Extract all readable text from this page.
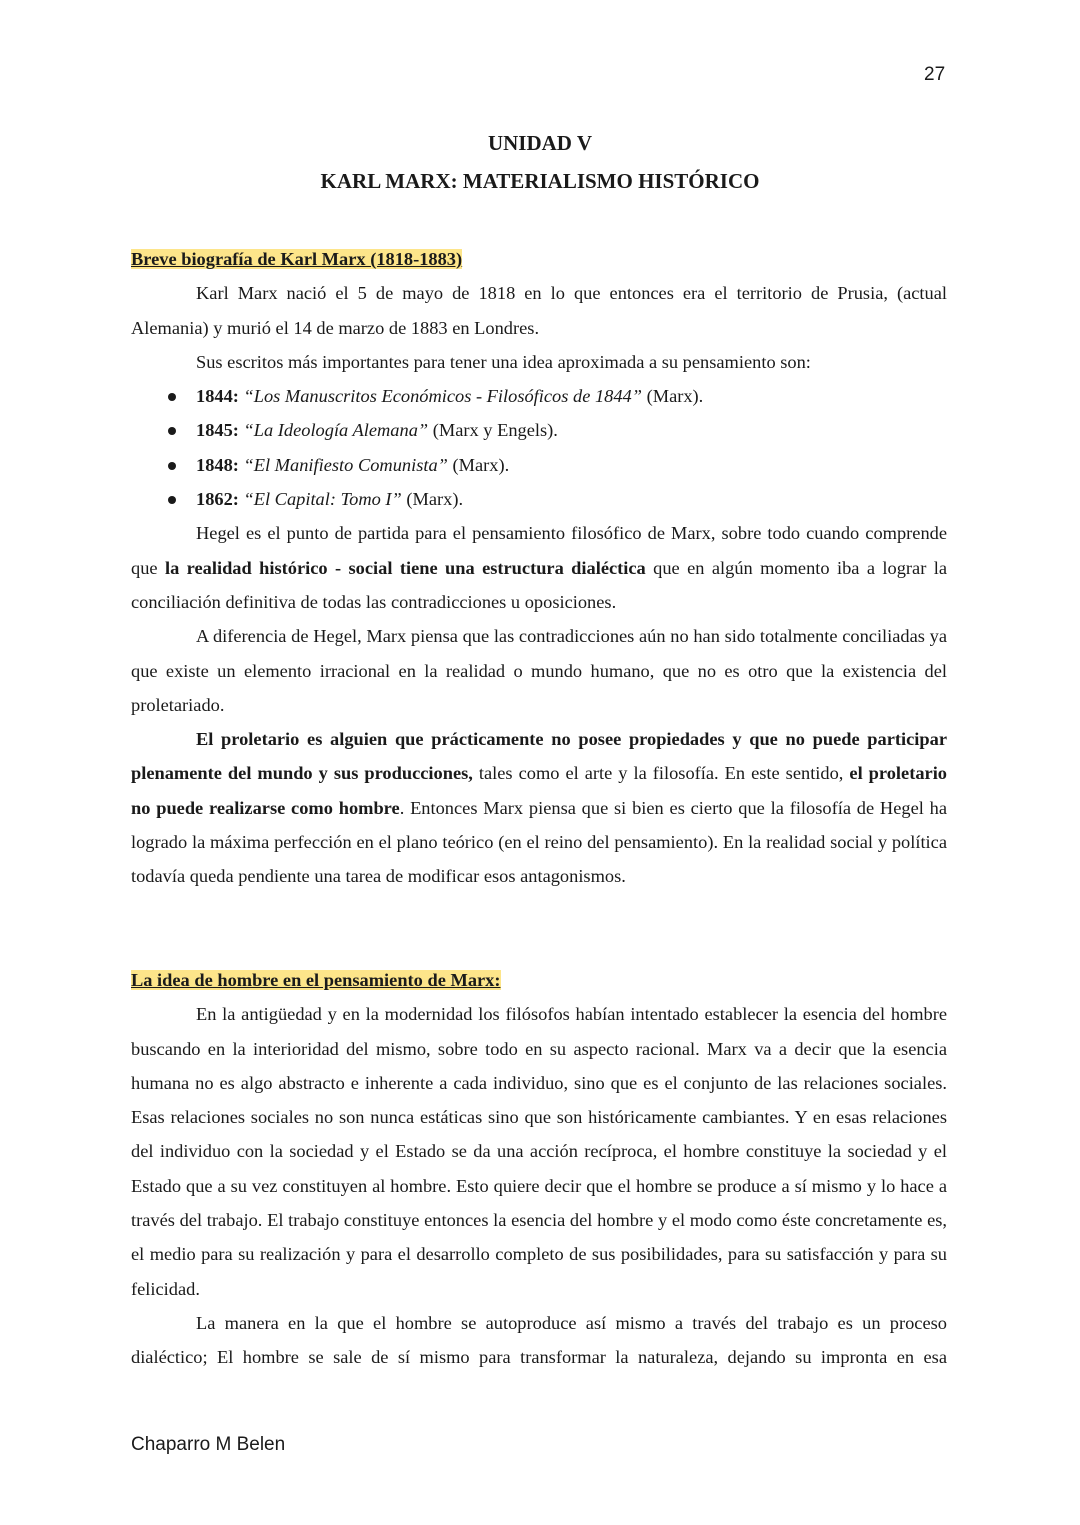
27
UNIDAD V
KARL MARX: MATERIALISMO HISTÓRICO

Breve biografía de Karl Marx (1818-1883)

Karl Marx nació el 5 de mayo de 1818 en lo que entonces era el territorio de Prusia, (actual Alemania) y murió el 14 de marzo de 1883 en Londres.

Sus escritos más importantes para tener una idea aproximada a su pensamiento son:

1844: “Los Manuscritos Económicos - Filosóficos de 1844” (Marx).
1845: “La Ideología Alemana” (Marx y Engels).
1848: “El Manifiesto Comunista” (Marx).
1862: “El Capital: Tomo I” (Marx).

Hegel es el punto de partida para el pensamiento filosófico de Marx, sobre todo cuando comprende que la realidad histórico - social tiene una estructura dialéctica que en algún momento iba a lograr la conciliación definitiva de todas las contradicciones u oposiciones.

A diferencia de Hegel, Marx piensa que las contradicciones aún no han sido totalmente conciliadas ya que existe un elemento irracional en la realidad o mundo humano, que no es otro que la existencia del proletariado.

El proletario es alguien que prácticamente no posee propiedades y que no puede participar plenamente del mundo y sus producciones, tales como el arte y la filosofía. En este sentido, el proletario no puede realizarse como hombre. Entonces Marx piensa que si bien es cierto que la filosofía de Hegel ha logrado la máxima perfección en el plano teórico (en el reino del pensamiento). En la realidad social y política todavía queda pendiente una tarea de modificar esos antagonismos.

La idea de hombre en el pensamiento de Marx:

En la antigüedad y en la modernidad los filósofos habían intentado establecer la esencia del hombre buscando en la interioridad del mismo, sobre todo en su aspecto racional. Marx va a decir que la esencia humana no es algo abstracto e inherente a cada individuo, sino que es el conjunto de las relaciones sociales. Esas relaciones sociales no son nunca estáticas sino que son históricamente cambiantes. Y en esas relaciones del individuo con la sociedad y el Estado se da una acción recíproca, el hombre constituye la sociedad y el Estado que a su vez constituyen al hombre. Esto quiere decir que el hombre se produce a sí mismo y lo hace a través del trabajo. El trabajo constituye entonces la esencia del hombre y el modo como éste concretamente es, el medio para su realización y para el desarrollo completo de sus posibilidades, para su satisfacción y para su felicidad.

La manera en la que el hombre se autoproduce así mismo a través del trabajo es un proceso dialéctico; El hombre se sale de sí mismo para transformar la naturaleza, dejando su impronta en esa

Chaparro M Belen
